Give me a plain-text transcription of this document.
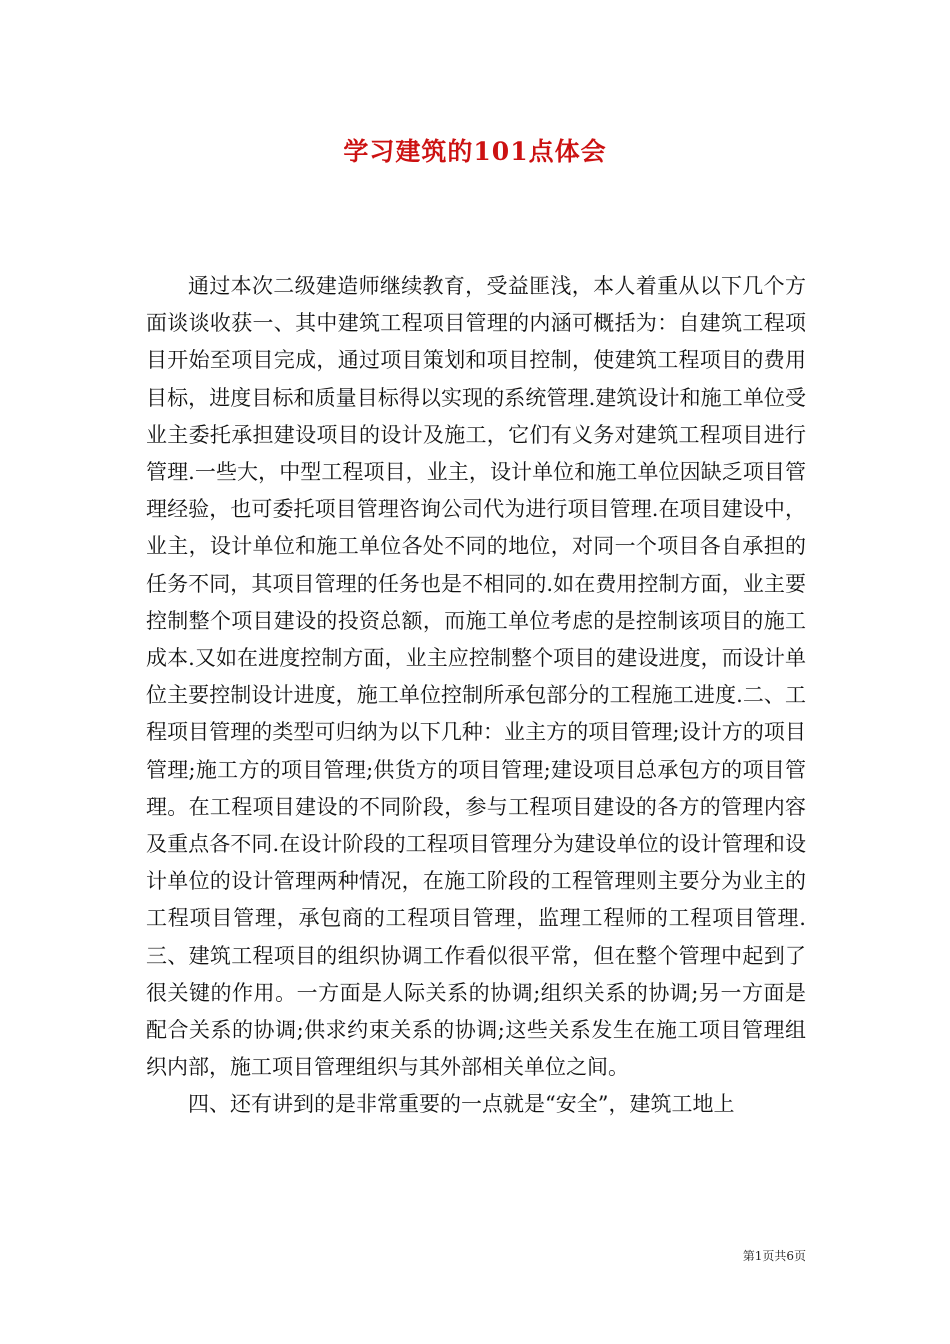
学习建筑的101点体会

通过本次二级建造师继续教育，受益匪浅，本人着重从以下几个方面谈谈收获一、其中建筑工程项目管理的内涵可概括为：自建筑工程项目开始至项目完成，通过项目策划和项目控制，使建筑工程项目的费用目标，进度目标和质量目标得以实现的系统管理.建筑设计和施工单位受业主委托承担建设项目的设计及施工，它们有义务对建筑工程项目进行管理.一些大，中型工程项目，业主，设计单位和施工单位因缺乏项目管理经验，也可委托项目管理咨询公司代为进行项目管理.在项目建设中，业主，设计单位和施工单位各处不同的地位，对同一个项目各自承担的任务不同，其项目管理的任务也是不相同的.如在费用控制方面，业主要控制整个项目建设的投资总额，而施工单位考虑的是控制该项目的施工成本.又如在进度控制方面，业主应控制整个项目的建设进度，而设计单位主要控制设计进度，施工单位控制所承包部分的工程施工进度.二、工程项目管理的类型可归纳为以下几种：业主方的项目管理;设计方的项目管理;施工方的项目管理;供货方的项目管理;建设项目总承包方的项目管理。在工程项目建设的不同阶段，参与工程项目建设的各方的管理内容及重点各不同.在设计阶段的工程项目管理分为建设单位的设计管理和设计单位的设计管理两种情况，在施工阶段的工程管理则主要分为业主的工程项目管理，承包商的工程项目管理，监理工程师的工程项目管理.三、建筑工程项目的组织协调工作看似很平常，但在整个管理中起到了很关键的作用。一方面是人际关系的协调;组织关系的协调;另一方面是配合关系的协调;供求约束关系的协调;这些关系发生在施工项目管理组织内部，施工项目管理组织与其外部相关单位之间。

四、还有讲到的是非常重要的一点就是“安全”，建筑工地上

第1页共6页
